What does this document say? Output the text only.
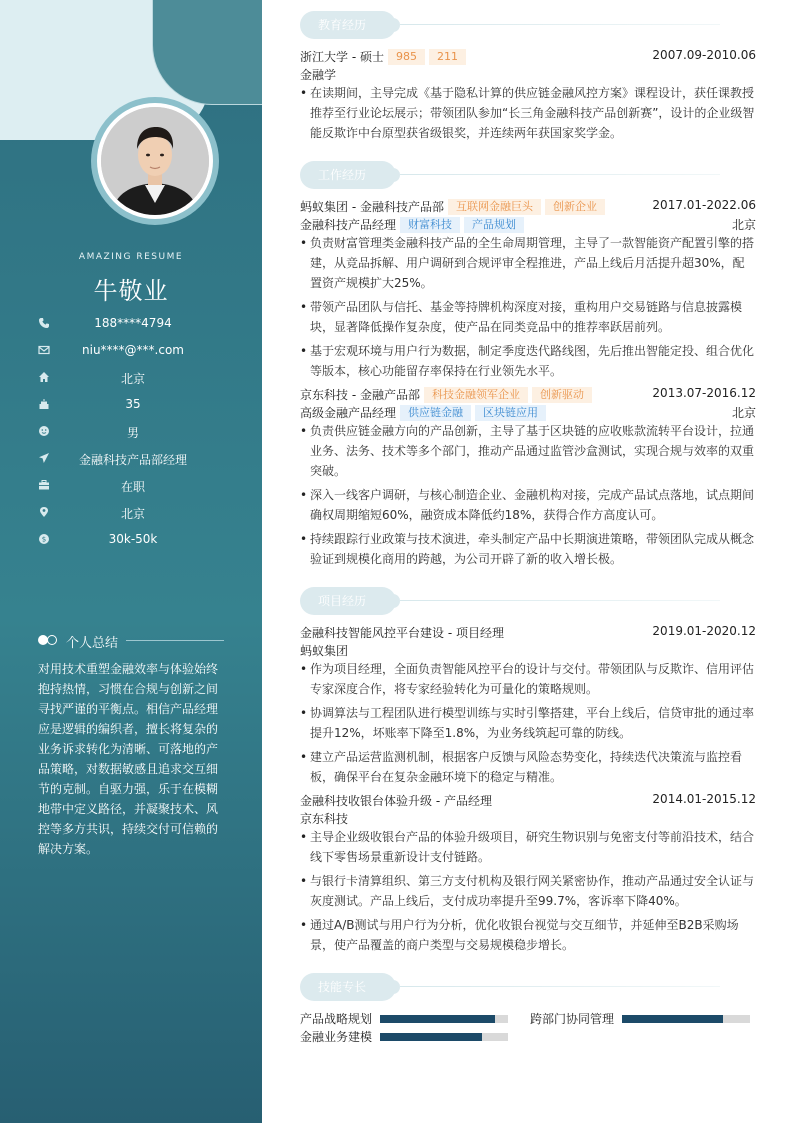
AMAZING RESUME
牛敬业
188****4794
niu****@***.com
北京
35
男
金融科技产品部经理
在职
北京
$	30k-50k
个人总结
对用技术重塑金融效率与体验始终抱持热情，习惯在合规与创新之间寻找严谨的平衡点。相信产品经理应是逻辑的编织者，擅长将复杂的业务诉求转化为清晰、可落地的产品策略，对数据敏感且追求交互细节的克制。自驱力强，乐于在模糊地带中定义路径，并凝聚技术、风控等多方共识，持续交付可信赖的解决方案。
教育经历
浙江大学 - 硕士 985 211	2007.09-2010.06
金融学
• 在读期间，主导完成《基于隐私计算的供应链金融风控方案》课程设计，获任课教授推荐至行业论坛展示；带领团队参加“长三角金融科技产品创新赛”，设计的企业级智能反欺诈中台原型获省级银奖，并连续两年获国家奖学金。
工作经历
蚂蚁集团 - 金融科技产品部 互联网金融巨头 创新企业	2017.01-2022.06
金融科技产品经理 财富科技 产品规划	北京
• 负责财富管理类金融科技产品的全生命周期管理，主导了一款智能资产配置引擎的搭建，从竞品拆解、用户调研到合规评审全程推进，产品上线后月活提升超30%，配置资产规模扩大25%。
• 带领产品团队与信托、基金等持牌机构深度对接，重构用户交易链路与信息披露模块，显著降低操作复杂度，使产品在同类竞品中的推荐率跃居前列。
• 基于宏观环境与用户行为数据，制定季度迭代路线图，先后推出智能定投、组合优化等版本，核心功能留存率保持在行业领先水平。
京东科技 - 金融产品部 科技金融领军企业 创新驱动	2013.07-2016.12
高级金融产品经理 供应链金融 区块链应用	北京
• 负责供应链金融方向的产品创新，主导了基于区块链的应收账款流转平台设计，拉通业务、法务、技术等多个部门，推动产品通过监管沙盒测试，实现合规与效率的双重突破。
• 深入一线客户调研，与核心制造企业、金融机构对接，完成产品试点落地，试点期间确权周期缩短60%，融资成本降低约18%，获得合作方高度认可。
• 持续跟踪行业政策与技术演进，牵头制定产品中长期演进策略，带领团队完成从概念验证到规模化商用的跨越，为公司开辟了新的收入增长极。
项目经历
金融科技智能风控平台建设 - 项目经理	2019.01-2020.12
蚂蚁集团
• 作为项目经理，全面负责智能风控平台的设计与交付。带领团队与反欺诈、信用评估专家深度合作，将专家经验转化为可量化的策略规则。
• 协调算法与工程团队进行模型训练与实时引擎搭建，平台上线后，信贷审批的通过率提升12%，坏账率下降至1.8%，为业务线筑起可靠的防线。
• 建立产品运营监测机制，根据客户反馈与风险态势变化，持续迭代决策流与监控看板，确保平台在复杂金融环境下的稳定与精准。
金融科技收银台体验升级 - 产品经理	2014.01-2015.12
京东科技
• 主导企业级收银台产品的体验升级项目，研究生物识别与免密支付等前沿技术，结合线下零售场景重新设计支付链路。
• 与银行卡清算组织、第三方支付机构及银行网关紧密协作，推动产品通过安全认证与灰度测试。产品上线后，支付成功率提升至99.7%，客诉率下降40%。
• 通过A/B测试与用户行为分析，优化收银台视觉与交互细节，并延伸至B2B采购场景，使产品覆盖的商户类型与交易规模稳步增长。
技能专长
产品战略规划	跨部门协同管理
金融业务建模
